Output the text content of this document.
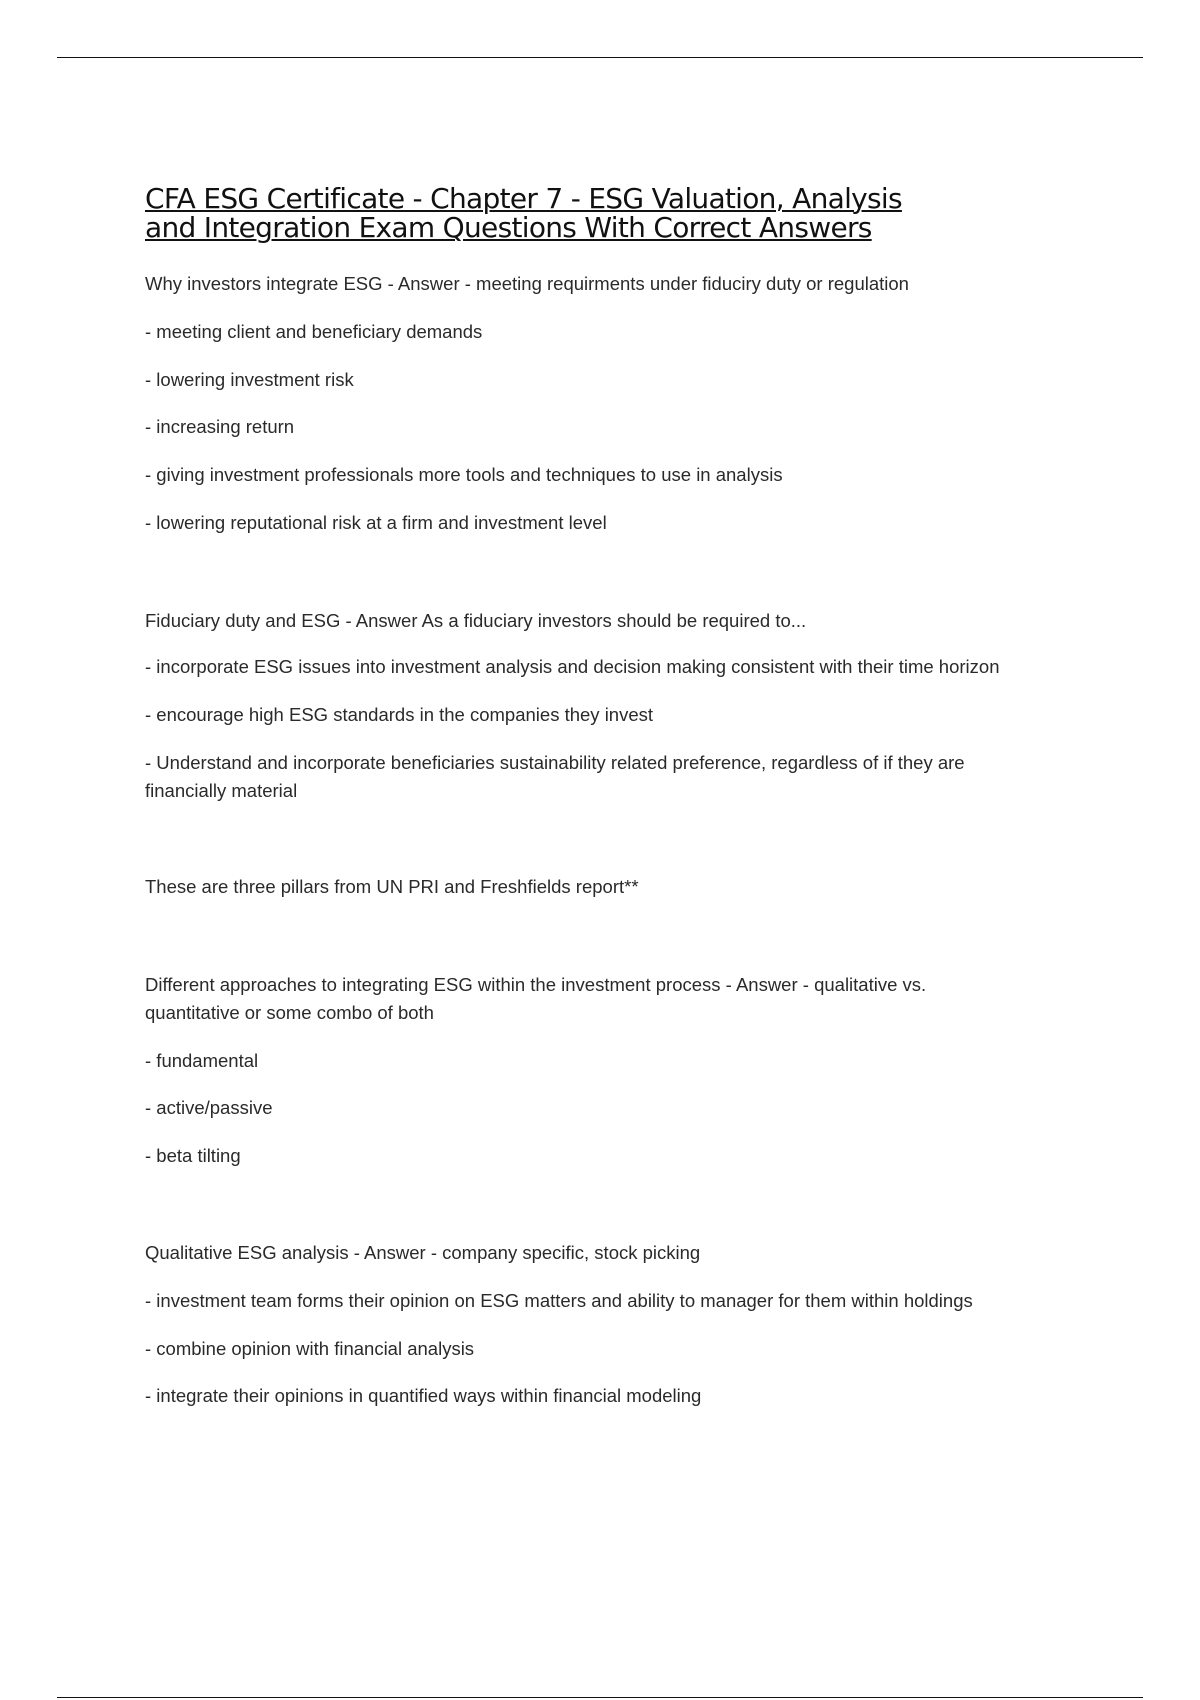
CFA ESG Certificate - Chapter 7 - ESG Valuation, Analysis
and Integration Exam Questions With Correct Answers

Why investors integrate ESG - Answer - meeting requirments under fiduciry duty or regulation

- meeting client and beneficiary demands

- lowering investment risk

- increasing return

- giving investment professionals more tools and techniques to use in analysis

- lowering reputational risk at a firm and investment level

Fiduciary duty and ESG - Answer As a fiduciary investors should be required to...

- incorporate ESG issues into investment analysis and decision making consistent with their time horizon

- encourage high ESG standards in the companies they invest

- Understand and incorporate beneficiaries sustainability related preference, regardless of if they are

financially material

These are three pillars from UN PRI and Freshfields report**

Different approaches to integrating ESG within the investment process - Answer - qualitative vs.

quantitative or some combo of both

- fundamental

- active/passive

- beta tilting

Qualitative ESG analysis - Answer - company specific, stock picking

- investment team forms their opinion on ESG matters and ability to manager for them within holdings

- combine opinion with financial analysis

- integrate their opinions in quantified ways within financial modeling
